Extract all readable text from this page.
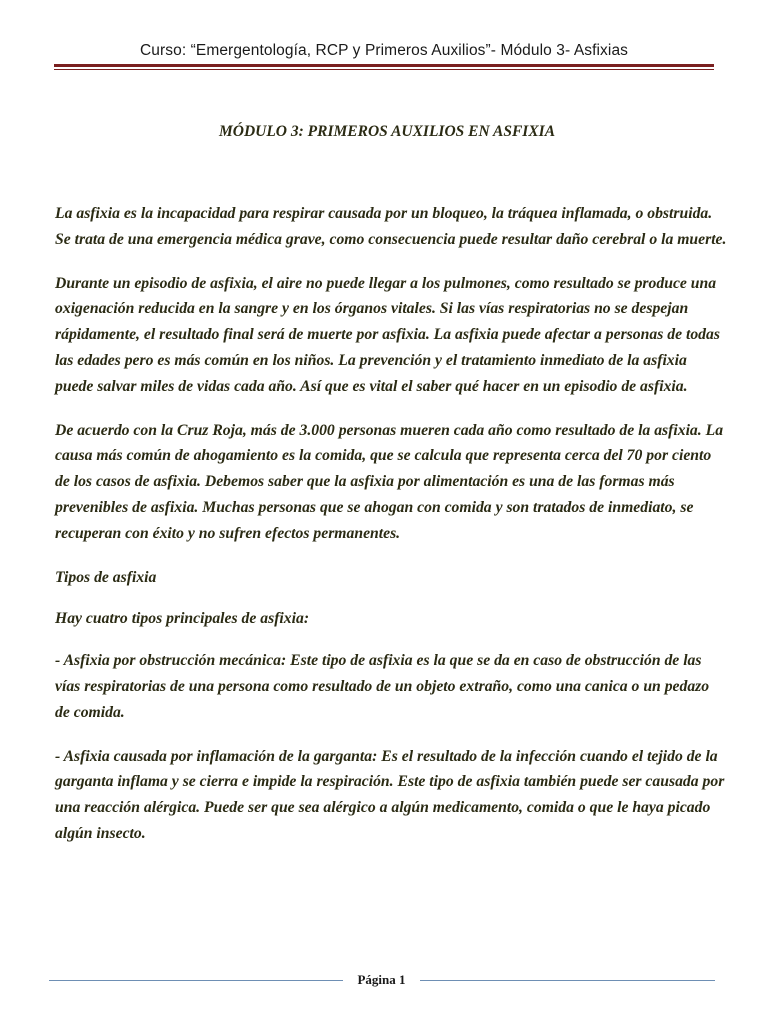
Curso: “Emergentología, RCP y Primeros Auxilios”- Módulo 3- Asfixias
MÓDULO 3: PRIMEROS AUXILIOS EN ASFIXIA

La asfixia es la incapacidad para respirar causada por un bloqueo, la tráquea inflamada, o obstruida. Se trata de una emergencia médica grave, como consecuencia puede resultar daño cerebral o la muerte.

Durante un episodio de asfixia, el aire no puede llegar a los pulmones, como resultado se produce una oxigenación reducida en la sangre y en los órganos vitales. Si las vías respiratorias no se despejan rápidamente, el resultado final será de muerte por asfixia. La asfixia puede afectar a personas de todas las edades pero es más común en los niños. La prevención y el tratamiento inmediato de la asfixia puede salvar miles de vidas cada año. Así que es vital el saber qué hacer en un episodio de asfixia.

De acuerdo con la Cruz Roja, más de 3.000 personas mueren cada año como resultado de la asfixia. La causa más común de ahogamiento es la comida, que se calcula que representa cerca del 70 por ciento de los casos de asfixia. Debemos saber que la asfixia por alimentación es una de las formas más prevenibles de asfixia. Muchas personas que se ahogan con comida y son tratados de inmediato, se recuperan con éxito y no sufren efectos permanentes.

Tipos de asfixia

Hay cuatro tipos principales de asfixia:

- Asfixia por obstrucción mecánica: Este tipo de asfixia es la que se da en caso de obstrucción de las vías respiratorias de una persona como resultado de un objeto extraño, como una canica o un pedazo de comida.

- Asfixia causada por inflamación de la garganta: Es el resultado de la infección cuando el tejido de la garganta inflama y se cierra e impide la respiración. Este tipo de asfixia también puede ser causada por una reacción alérgica. Puede ser que sea alérgico a algún medicamento, comida o que le haya picado algún insecto.

Página 1
